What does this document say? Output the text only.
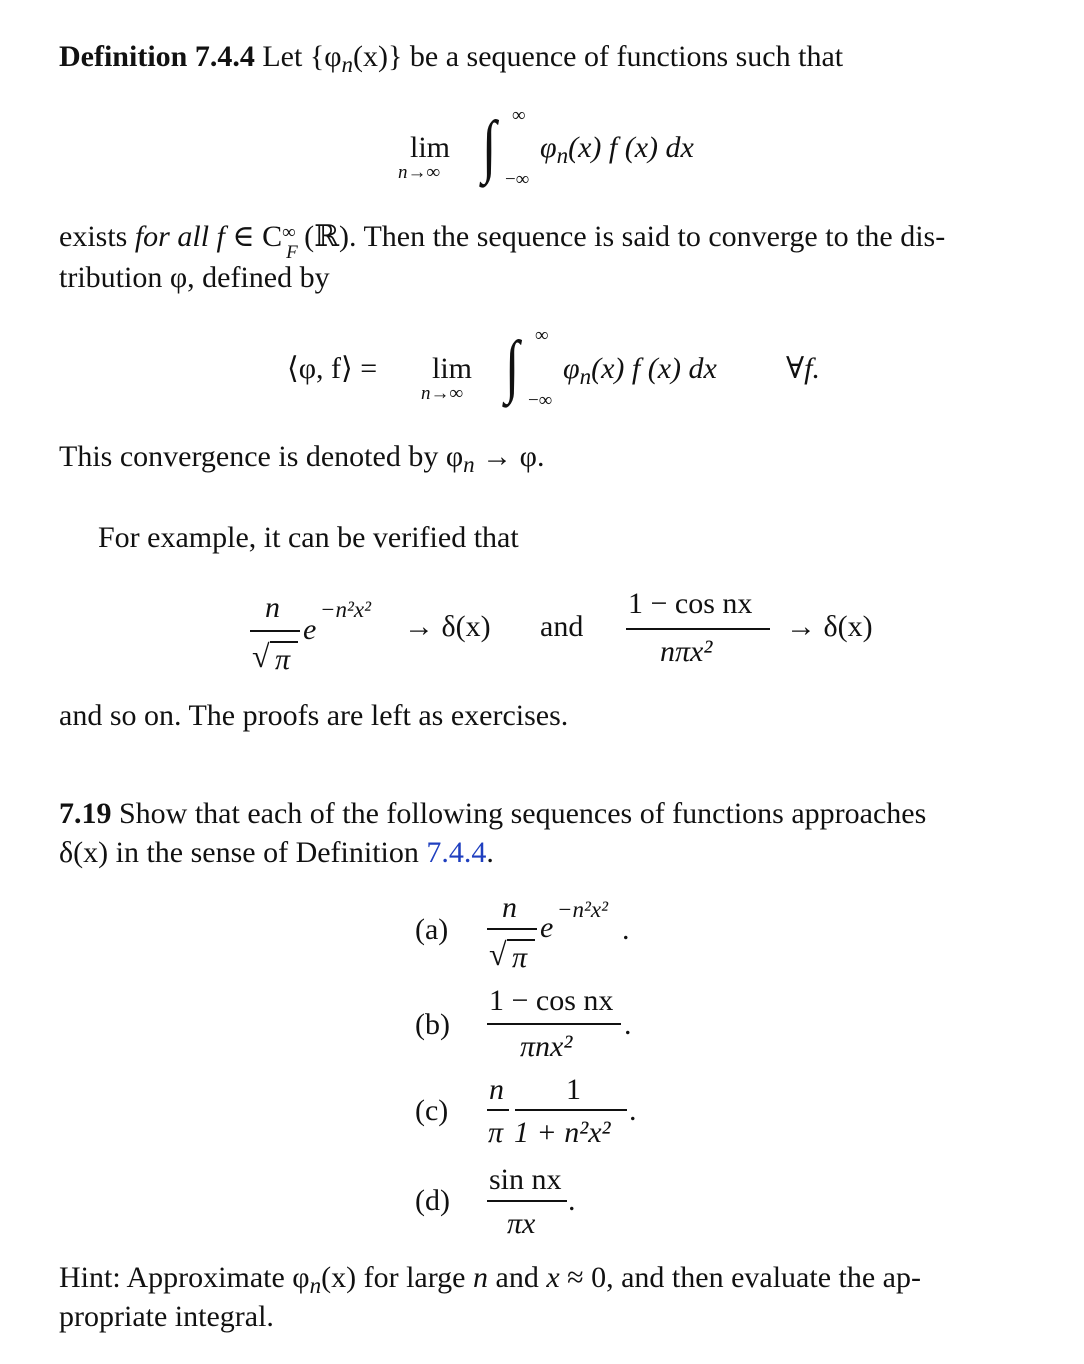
Definition 7.4.4 Let $\{\varphi_n(x)\}$ be a sequence of functions such that
lim
n→∞ ∫ ∞
−∞
$\varphi_n(x)$ f (x) dx
exists for all f ∈ C ∞
F (ℝ). Then the sequence is said to converge to the dis-
tribution φ, defined by
⟨φ, f⟩ = lim
n→∞ ∫ ∞
−∞
$\varphi_n(x)$ f (x) dx ∀f.
This convergence is denoted by $\varphi_n \to \varphi$.
For example, it can be verified that
n
√ π
e
−n²x²
→ δ(x) and
1 − cos nx
nπx²
→ δ(x)
and so on. The proofs are left as exercises.
7.19 Show that each of the following sequences of functions approaches
δ(x) in the sense of Definition 7.4.4.
(a)
n
√ π
e
−n²x²
.
(b)
1 − cos nx
πnx²
.
(c)
n
π
1
1 + n²x²
.
(d)
sin nx
πx
.
Hint: Approximate $\varphi_n(x)$ for large n and x ≈ 0, and then evaluate the ap-
propriate integral.
